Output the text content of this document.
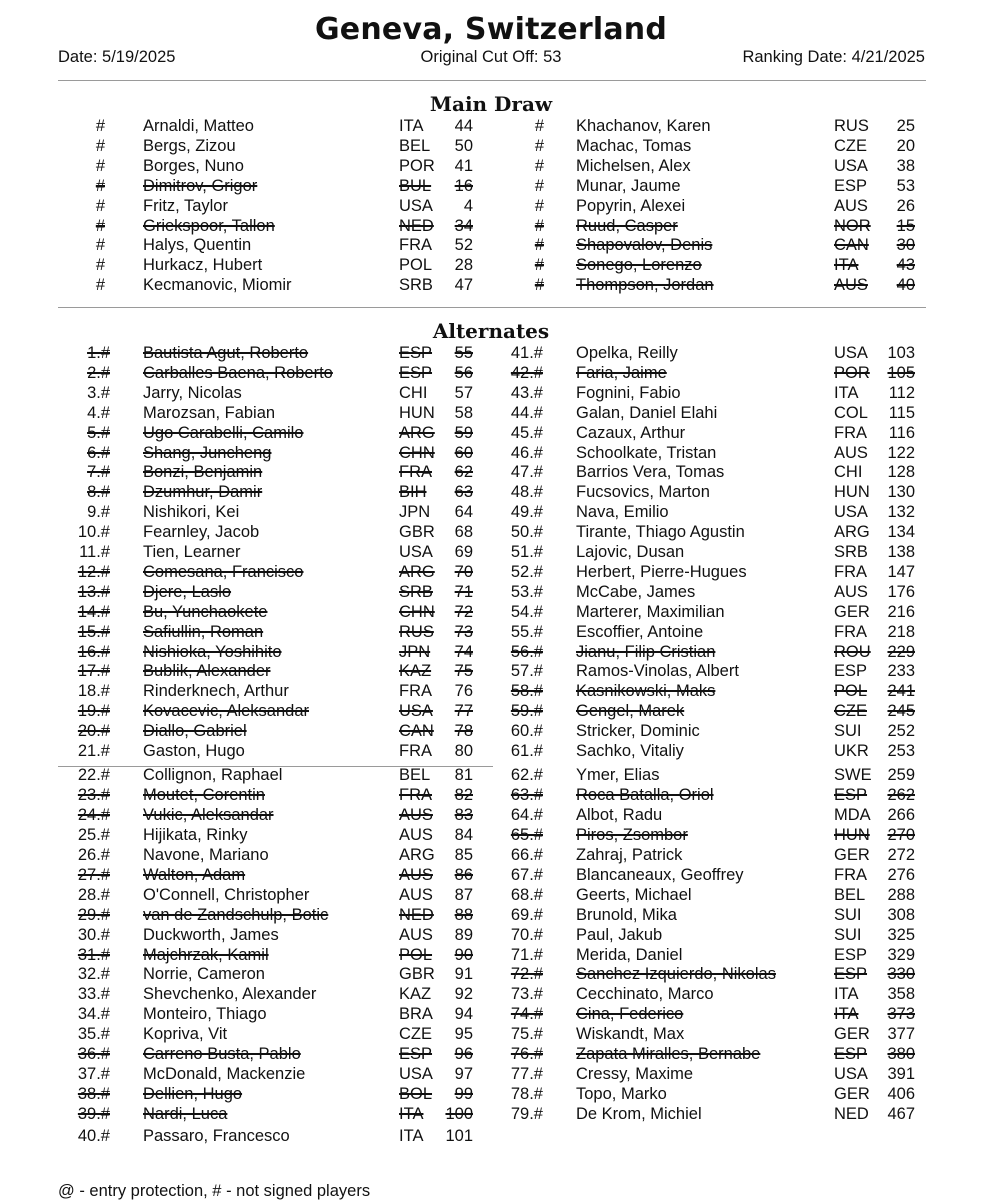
Geneva, Switzerland
Date: 5/19/2025	Original Cut Off: 53	Ranking Date: 4/21/2025
Main Draw
# Arnaldi, Matteo	ITA	44
# Bergs, Zizou	BEL	50
# Borges, Nuno	POR	41
# Dimitrov, Grigor	BUL	16
# Fritz, Taylor	USA	4
# Griekspoor, Tallon	NED	34
# Halys, Quentin	FRA	52
# Hurkacz, Hubert	POL	28
# Kecmanovic, Miomir	SRB	47
# Khachanov, Karen	RUS	25
# Machac, Tomas	CZE	20
# Michelsen, Alex	USA	38
# Munar, Jaume	ESP	53
# Popyrin, Alexei	AUS	26
# Ruud, Casper	NOR	15
# Shapovalov, Denis	CAN	30
# Sonego, Lorenzo	ITA	43
# Thompson, Jordan	AUS	40
Alternates
1.# Bautista Agut, Roberto	ESP	55
2.# Carballes Baena, Roberto	ESP	56
3.# Jarry, Nicolas	CHI	57
4.# Marozsan, Fabian	HUN	58
5.# Ugo Carabelli, Camilo	ARG	59
6.# Shang, Juncheng	CHN	60
7.# Bonzi, Benjamin	FRA	62
8.# Dzumhur, Damir	BIH	63
9.# Nishikori, Kei	JPN	64
10.# Fearnley, Jacob	GBR	68
11.# Tien, Learner	USA	69
12.# Comesana, Francisco	ARG	70
13.# Djere, Laslo	SRB	71
14.# Bu, Yunchaokete	CHN	72
15.# Safiullin, Roman	RUS	73
16.# Nishioka, Yoshihito	JPN	74
17.# Bublik, Alexander	KAZ	75
18.# Rinderknech, Arthur	FRA	76
19.# Kovacevic, Aleksandar	USA	77
20.# Diallo, Gabriel	CAN	78
21.# Gaston, Hugo	FRA	80
22.# Collignon, Raphael	BEL	81
23.# Moutet, Corentin	FRA	82
24.# Vukic, Aleksandar	AUS	83
25.# Hijikata, Rinky	AUS	84
26.# Navone, Mariano	ARG	85
27.# Walton, Adam	AUS	86
28.# O'Connell, Christopher	AUS	87
29.# van de Zandschulp, Botic	NED	88
30.# Duckworth, James	AUS	89
31.# Majchrzak, Kamil	POL	90
32.# Norrie, Cameron	GBR	91
33.# Shevchenko, Alexander	KAZ	92
34.# Monteiro, Thiago	BRA	94
35.# Kopriva, Vit	CZE	95
36.# Carreno Busta, Pablo	ESP	96
37.# McDonald, Mackenzie	USA	97
38.# Dellien, Hugo	BOL	99
39.# Nardi, Luca	ITA 100
40.# Passaro, Francesco	ITA 101
41.# Opelka, Reilly	USA	103
42.# Faria, Jaime	POR	105
43.# Fognini, Fabio	ITA	112
44.# Galan, Daniel Elahi	COL	115
45.# Cazaux, Arthur	FRA	116
46.# Schoolkate, Tristan	AUS	122
47.# Barrios Vera, Tomas	CHI	128
48.# Fucsovics, Marton	HUN	130
49.# Nava, Emilio	USA	132
50.# Tirante, Thiago Agustin	ARG	134
51.# Lajovic, Dusan	SRB	138
52.# Herbert, Pierre-Hugues	FRA	147
53.# McCabe, James	AUS	176
54.# Marterer, Maximilian	GER	216
55.# Escoffier, Antoine	FRA	218
56.# Jianu, Filip Cristian	ROU	229
57.# Ramos-Vinolas, Albert	ESP	233
58.# Kasnikowski, Maks	POL	241
59.# Gengel, Marek	CZE	245
60.# Stricker, Dominic	SUI	252
61.# Sachko, Vitaliy	UKR	253
62.# Ymer, Elias	SWE 259
63.# Roca Batalla, Oriol	ESP	262
64.# Albot, Radu	MDA	266
65.# Piros, Zsombor	HUN	270
66.# Zahraj, Patrick	GER	272
67.# Blancaneaux, Geoffrey	FRA	276
68.# Geerts, Michael	BEL	288
69.# Brunold, Mika	SUI	308
70.# Paul, Jakub	SUI	325
71.# Merida, Daniel	ESP	329
72.# Sanchez Izquierdo, Nikolas	ESP	330
73.# Cecchinato, Marco	ITA	358
74.# Cina, Federico	ITA	373
75.# Wiskandt, Max	GER	377
76.# Zapata Miralles, Bernabe	ESP	380
77.# Cressy, Maxime	USA	391
78.# Topo, Marko	GER	406
79.# De Krom, Michiel	NED	467
@ - entry protection, # - not signed players
